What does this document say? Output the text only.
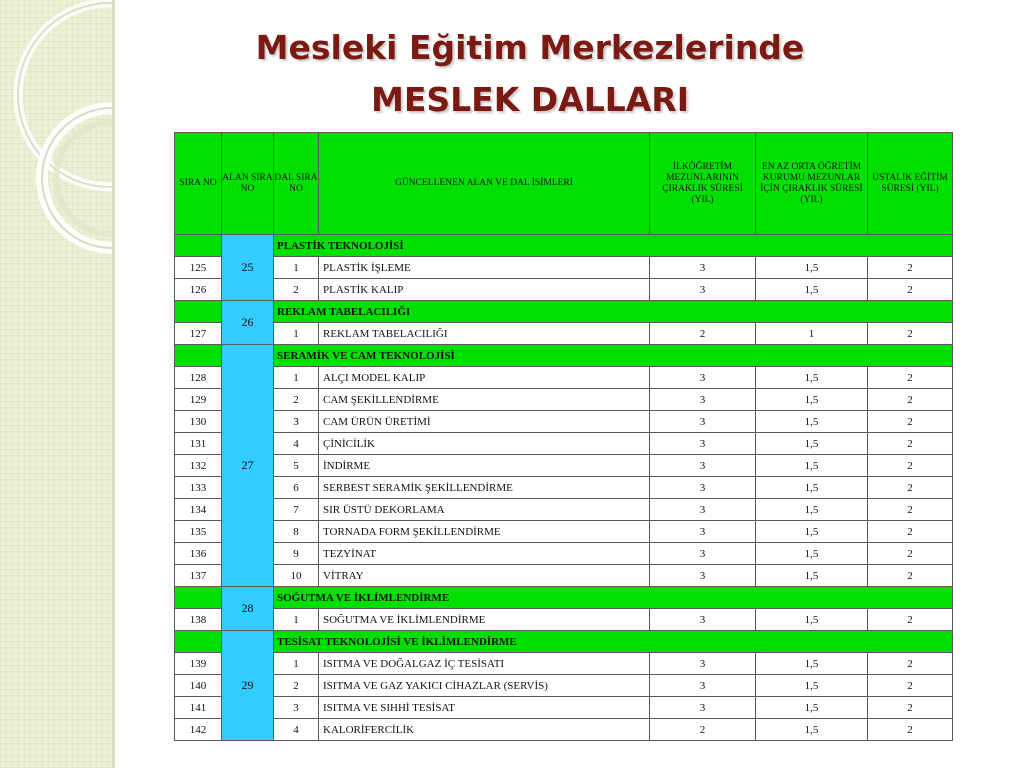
Mesleki Eğitim Merkezlerinde
MESLEK DALLARI
SIRA NO	ALAN SIRA NO	DAL SIRA NO	GÜNCELLENEN ALAN VE DAL İSİMLERİ	İLKÖĞRETİM MEZUNLARININ ÇIRAKLIK SÜRESİ (YIL)	EN AZ ORTA ÖĞRETİM KURUMU MEZUNLAR İÇİN ÇIRAKLIK SÜRESİ (YIL)	USTALIK EĞİTİM SÜRESİ (YIL)
	25	PLASTİK TEKNOLOJİSİ				
125		1	PLASTİK İŞLEME	3	1,5	2
126		2	PLASTİK KALIP	3	1,5	2
	26	REKLAM TABELACILIĞI				
127		1	REKLAM TABELACILIĞI	2	1	2
	27	SERAMİK VE CAM TEKNOLOJİSİ				
128		1	ALÇI MODEL KALIP	3	1,5	2
129		2	CAM ŞEKİLLENDİRME	3	1,5	2
130		3	CAM ÜRÜN ÜRETİMİ	3	1,5	2
131		4	ÇİNİCİLİK	3	1,5	2
132		5	İNDİRME	3	1,5	2
133		6	SERBEST SERAMİK ŞEKİLLENDİRME	3	1,5	2
134		7	SIR ÜSTÜ DEKORLAMA	3	1,5	2
135		8	TORNADA FORM ŞEKİLLENDİRME	3	1,5	2
136		9	TEZYİNAT	3	1,5	2
137		10	VİTRAY	3	1,5	2
	28	SOĞUTMA VE İKLİMLENDİRME				
138		1	SOĞUTMA VE İKLİMLENDİRME	3	1,5	2
	29	TESİSAT TEKNOLOJİSİ VE İKLİMLENDİRME				
139		1	ISITMA VE DOĞALGAZ İÇ TESİSATI	3	1,5	2
140		2	ISITMA VE GAZ YAKICI CİHAZLAR (SERVİS)	3	1,5	2
141		3	ISITMA VE SIHHİ TESİSAT	3	1,5	2
142		4	KALORİFERCİLİK	2	1,5	2
